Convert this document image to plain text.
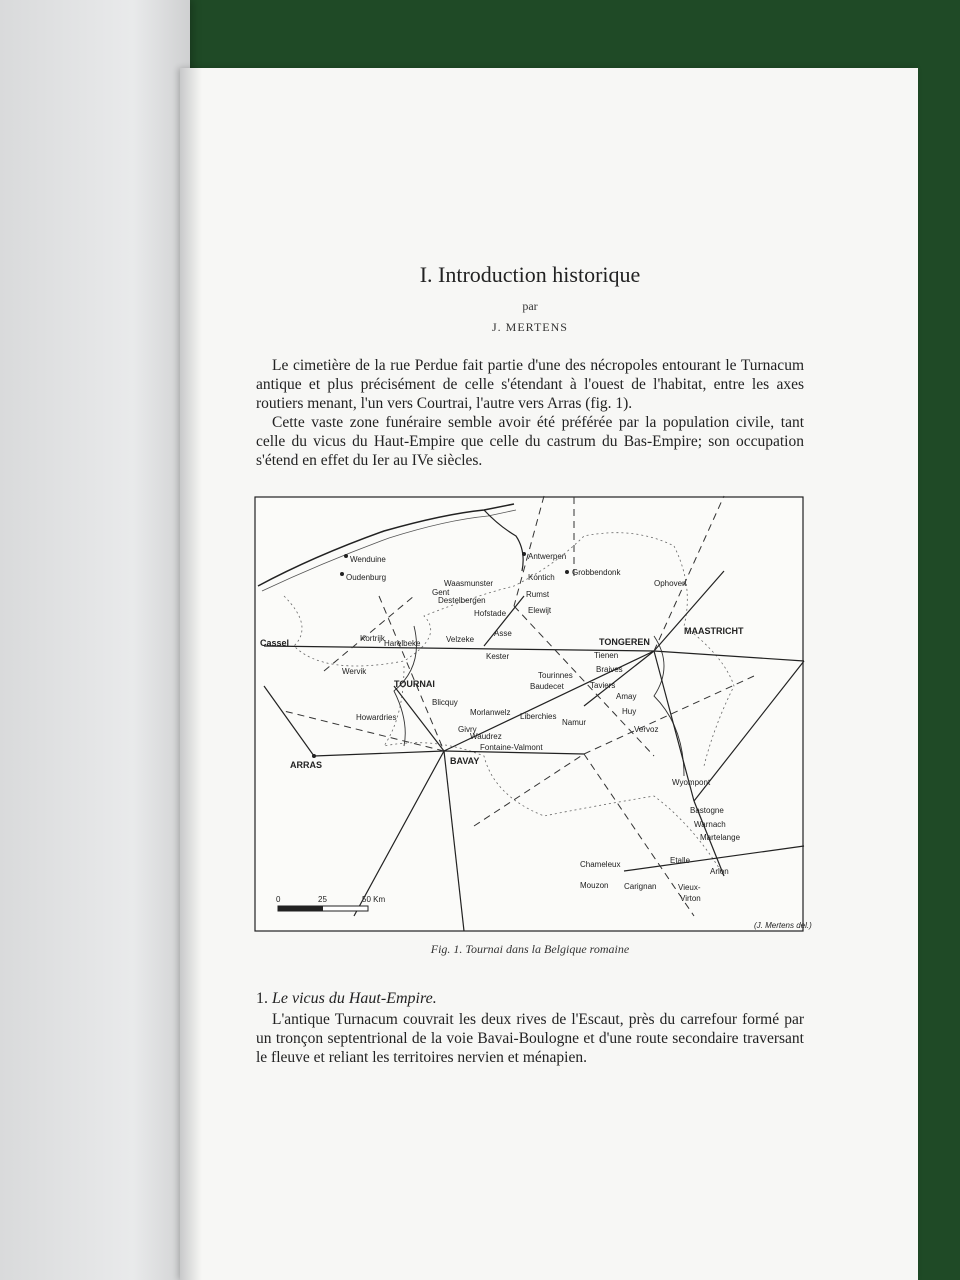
I. Introduction historique
par
J. MERTENS

Le cimetière de la rue Perdue fait partie d'une des nécropoles entourant le Turnacum antique et plus précisément de celle s'étendant à l'ouest de l'habitat, entre les axes routiers menant, l'un vers Courtrai, l'autre vers Arras (fig. 1).

Cette vaste zone funéraire semble avoir été préférée par la population civile, tant celle du vicus du Haut-Empire que celle du castrum du Bas-Empire; son occupation s'étend en effet du Ier au IVe siècles.

0	25	50 Km
(J. Mertens del.)
Wenduine
Oudenburg
Antwerpen
Kontich
Grobbendonk
Waasmunster
Gent
Destelbergen
Rumst
Ophoven
Elewijt
Hofstade
Asse	MAASTRICHT
Cassel	Kortrijk
Harelbeke	Velzeke	TONGEREN
Tienen
Kester
Wervik
TOURNAI
Tourinnes
Braives
Baudecet	Taviers
Blicquy
Amay
Morlanwelz
Howardries
Huy
Liberchies
Namur
Givry	Vervoz
Waudrez
Fontaine-Valmont
ARRAS	BAVAY
Wyompont
Bastogne
Warnach
Martelange
Chameleux	Etalle
Arlon
Mouzon Carignan	Vieux-
Virton
Fig. 1. Tournai dans la Belgique romaine
1. Le vicus du Haut-Empire.

L'antique Turnacum couvrait les deux rives de l'Escaut, près du carrefour formé par un tronçon septentrional de la voie Bavai-Boulogne et d'une route secondaire traversant le fleuve et reliant les territoires nervien et ménapien.
